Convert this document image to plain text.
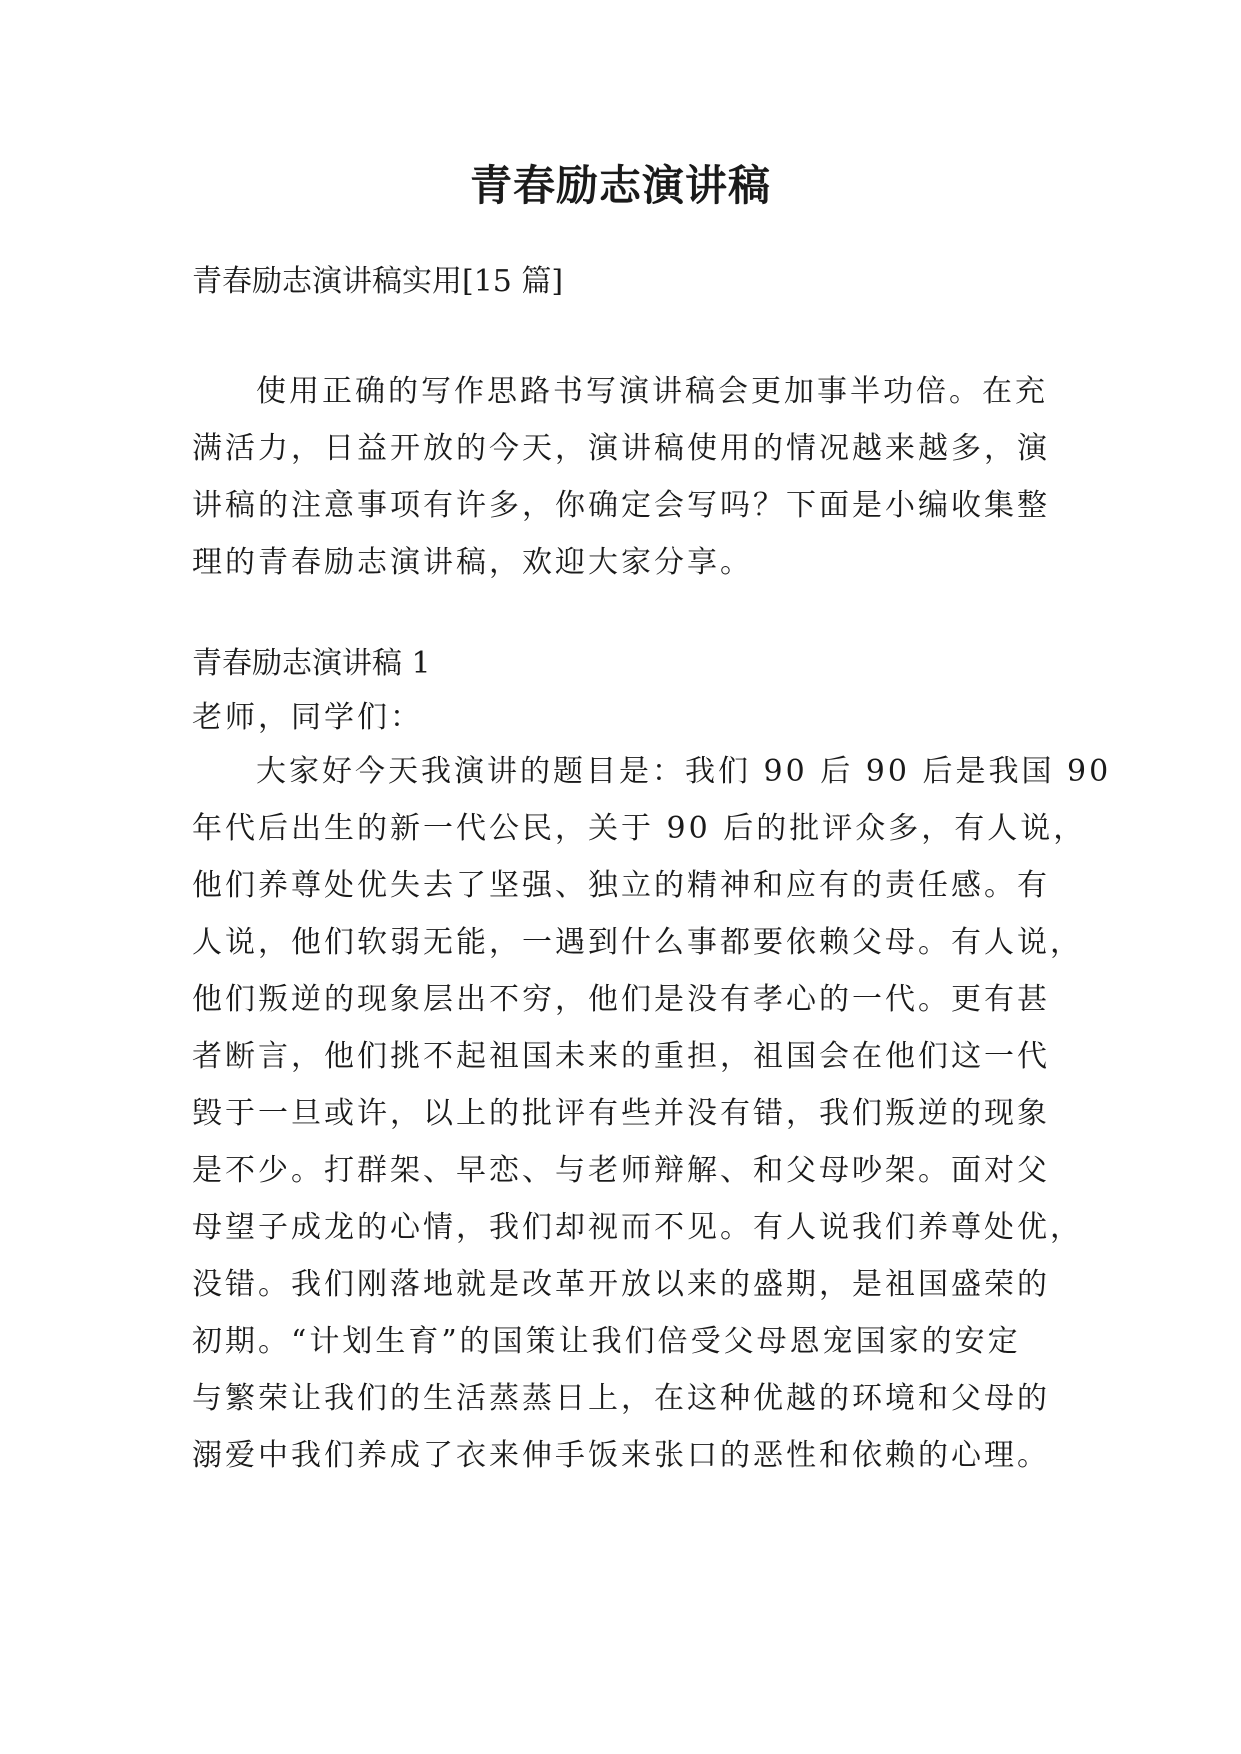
青春励志演讲稿

青春励志演讲稿实用[15 篇]

使用正确的写作思路书写演讲稿会更加事半功倍。在充

满活力，日益开放的今天，演讲稿使用的情况越来越多，演

讲稿的注意事项有许多，你确定会写吗？下面是小编收集整

理的青春励志演讲稿，欢迎大家分享。

青春励志演讲稿 1

老师，同学们：

大家好今天我演讲的题目是：我们 90 后 90 后是我国 90

年代后出生的新一代公民，关于 90 后的批评众多，有人说，

他们养尊处优失去了坚强、独立的精神和应有的责任感。有

人说，他们软弱无能，一遇到什么事都要依赖父母。有人说，

他们叛逆的现象层出不穷，他们是没有孝心的一代。更有甚

者断言，他们挑不起祖国未来的重担，祖国会在他们这一代

毁于一旦或许，以上的批评有些并没有错，我们叛逆的现象

是不少。打群架、早恋、与老师辩解、和父母吵架。面对父

母望子成龙的心情，我们却视而不见。有人说我们养尊处优，

没错。我们刚落地就是改革开放以来的盛期，是祖国盛荣的

初期。“计划生育”的国策让我们倍受父母恩宠国家的安定

与繁荣让我们的生活蒸蒸日上，在这种优越的环境和父母的

溺爱中我们养成了衣来伸手饭来张口的恶性和依赖的心理。
